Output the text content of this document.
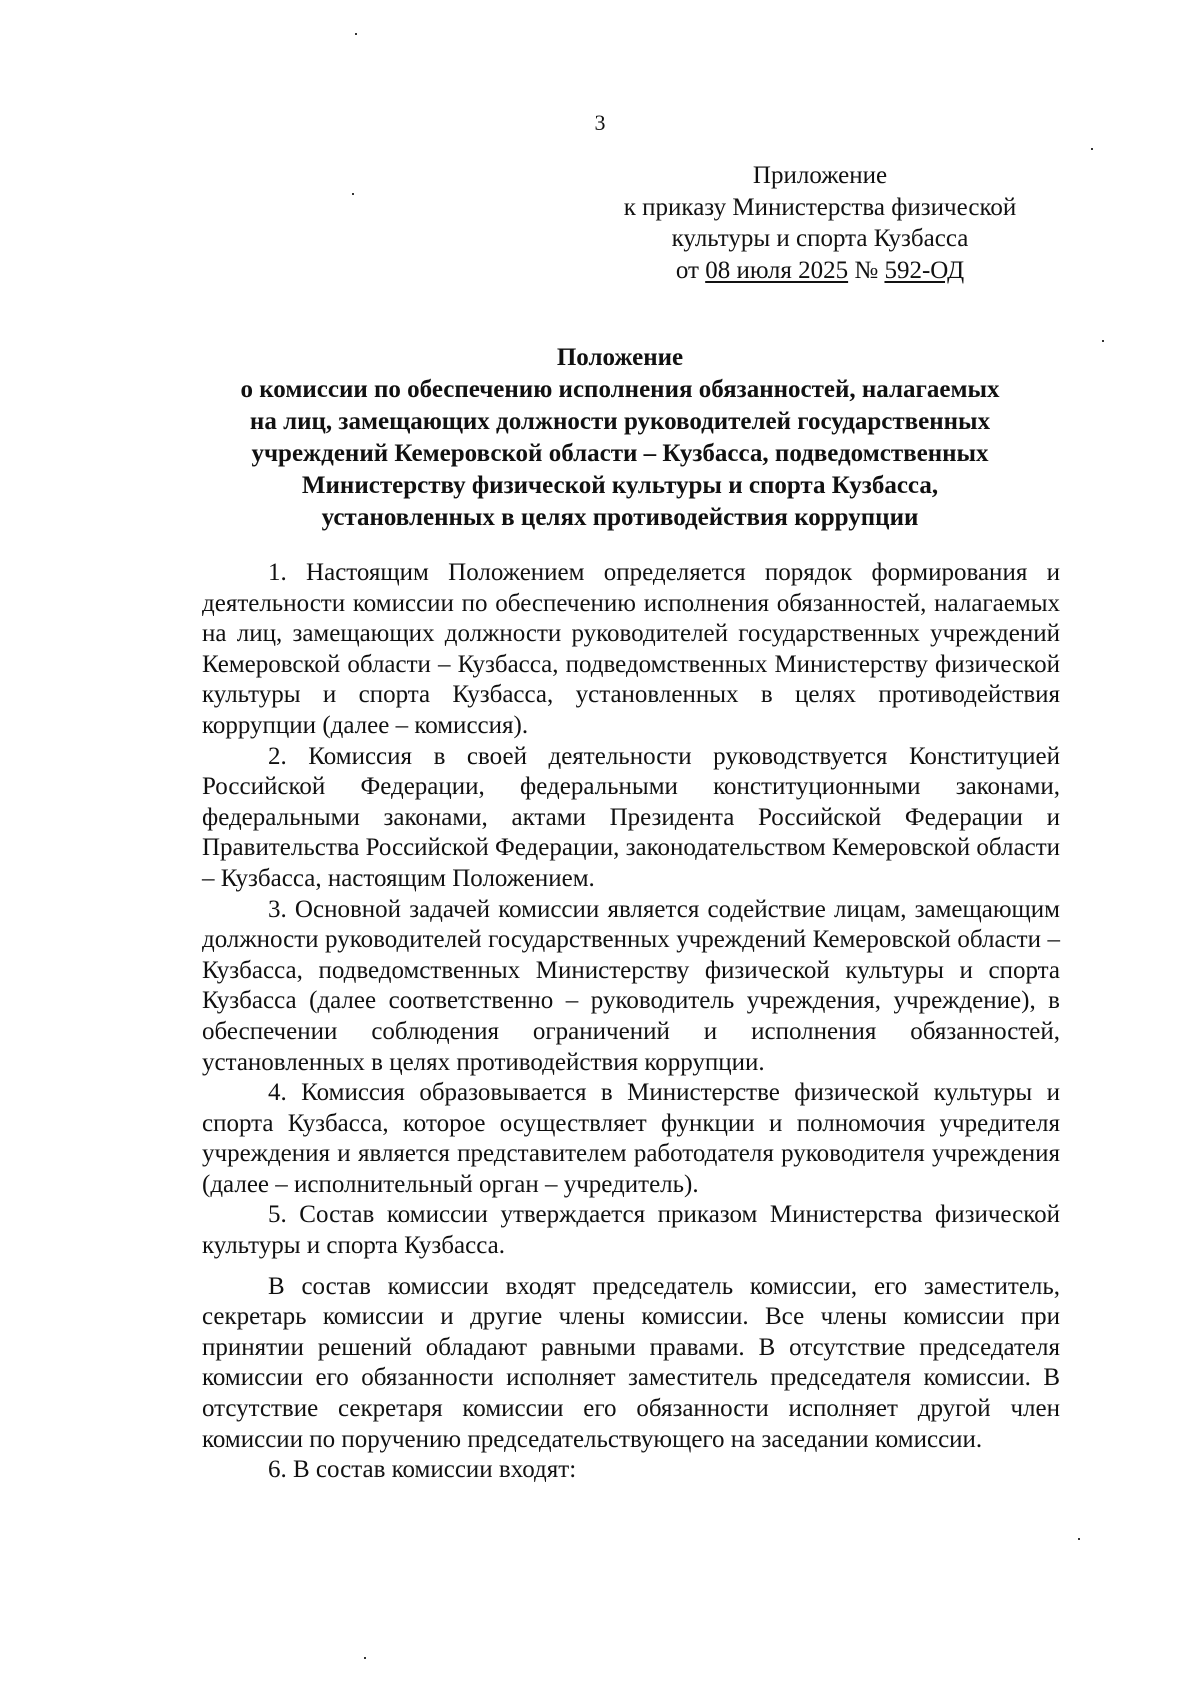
3
Приложение
к приказу Министерства физической
культуры и спорта Кузбасса
от 08 июля 2025 № 592-ОД
Положение
о комиссии по обеспечению исполнения обязанностей, налагаемых
на лиц, замещающих должности руководителей государственных
учреждений Кемеровской области – Кузбасса, подведомственных
Министерству физической культуры и спорта Кузбасса,
установленных в целях противодействия коррупции

1. Настоящим Положением определяется порядок формирования и деятельности комиссии по обеспечению исполнения обязанностей, налагаемых на лиц, замещающих должности руководителей государственных учреждений Кемеровской области – Кузбасса, подведомственных Министерству физической культуры и спорта Кузбасса, установленных в целях противодействия коррупции (далее – комиссия).

2. Комиссия в своей деятельности руководствуется Конституцией Российской Федерации, федеральными конституционными законами, федеральными законами, актами Президента Российской Федерации и Правительства Российской Федерации, законодательством Кемеровской области – Кузбасса, настоящим Положением.

3. Основной задачей комиссии является содействие лицам, замещающим должности руководителей государственных учреждений Кемеровской области – Кузбасса, подведомственных Министерству физической культуры и спорта Кузбасса (далее соответственно – руководитель учреждения, учреждение), в обеспечении соблюдения ограничений и исполнения обязанностей, установленных в целях противодействия коррупции.

4. Комиссия образовывается в Министерстве физической культуры и спорта Кузбасса, которое осуществляет функции и полномочия учредителя учреждения и является представителем работодателя руководителя учреждения (далее – исполнительный орган – учредитель).

5. Состав комиссии утверждается приказом Министерства физической культуры и спорта Кузбасса.

В состав комиссии входят председатель комиссии, его заместитель, секретарь комиссии и другие члены комиссии. Все члены комиссии при принятии решений обладают равными правами. В отсутствие председателя комиссии его обязанности исполняет заместитель председателя комиссии. В отсутствие секретаря комиссии его обязанности исполняет другой член комиссии по поручению председательствующего на заседании комиссии.

6. В состав комиссии входят:
